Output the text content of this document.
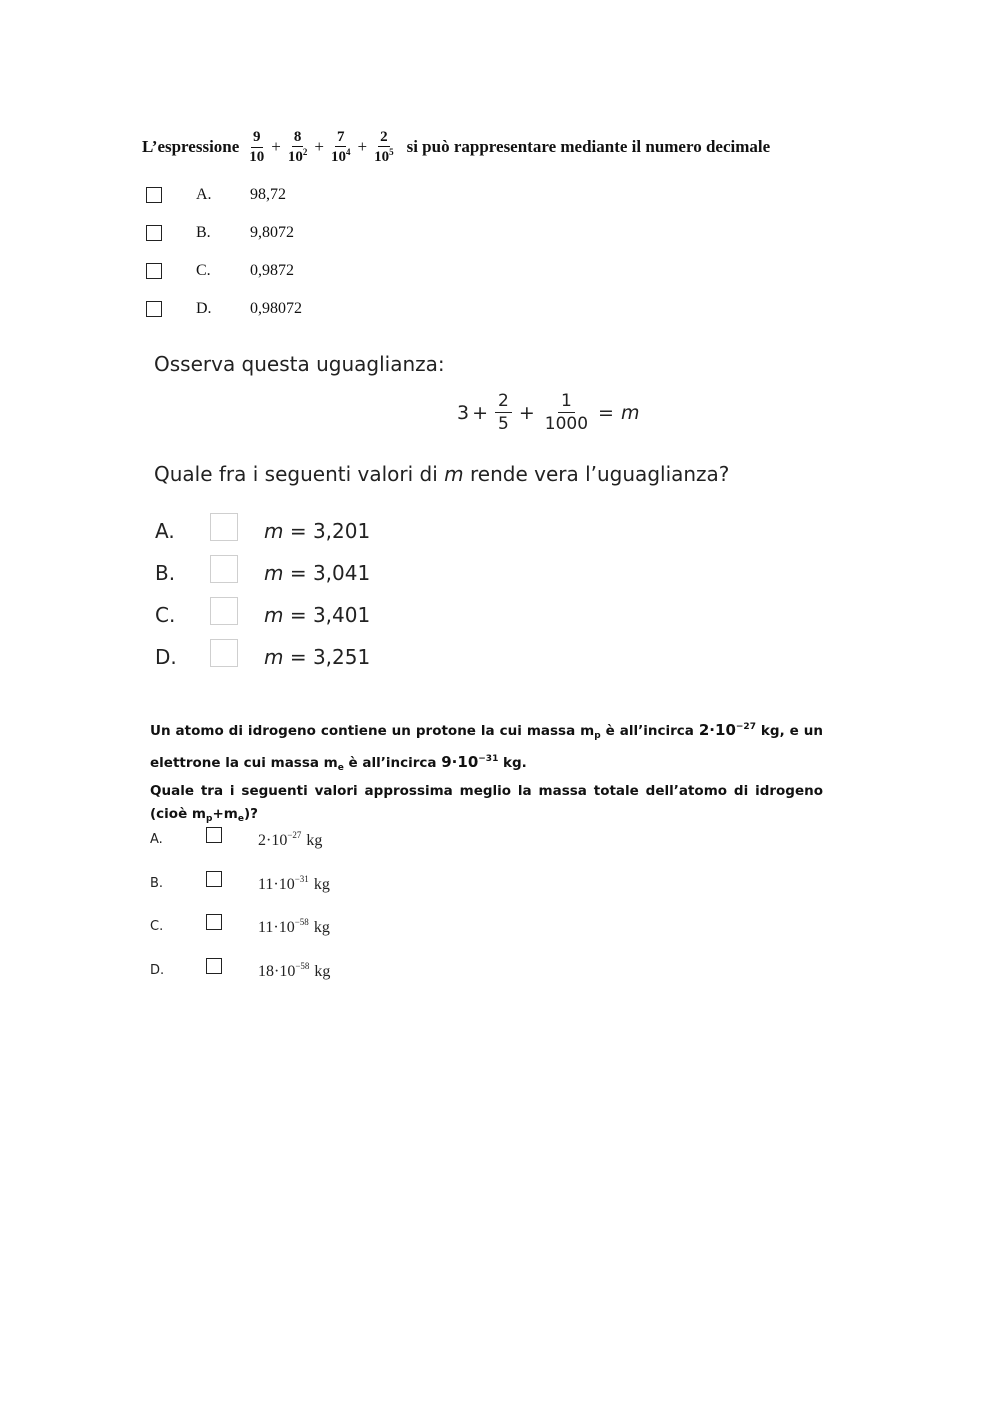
L’espressione $\frac{9}{10} + \frac{8}{10^2} + \frac{7}{10^4} + \frac{2}{10^5}$ si può rappresentare mediante il numero decimale
A. 98,72
B. 9,8072
C. 0,9872
D. 0,98072
Osserva questa uguaglianza:
$3 + \frac{2}{5} + \frac{1}{1000} = m$
Quale fra i seguenti valori di m rende vera l’uguaglianza?
A.	m = 3,201
B.	m = 3,041
C.	m = 3,401
D.	m = 3,251
Un atomo di idrogeno contiene un protone la cui massa $m_p$ è all’incirca $2\cdot 10^{-27}$ kg, e un elettrone la cui massa $m_e$ è all’incirca $9\cdot 10^{-31}$ kg.
Quale tra i seguenti valori approssima meglio la massa totale dell’atomo di idrogeno (cioè $m_p+m_e$)?
A.	$2\cdot 10^{-27}$ kg
B.	$11\cdot 10^{-31}$ kg
C.	$11\cdot 10^{-58}$ kg
D.	$18\cdot 10^{-58}$ kg
